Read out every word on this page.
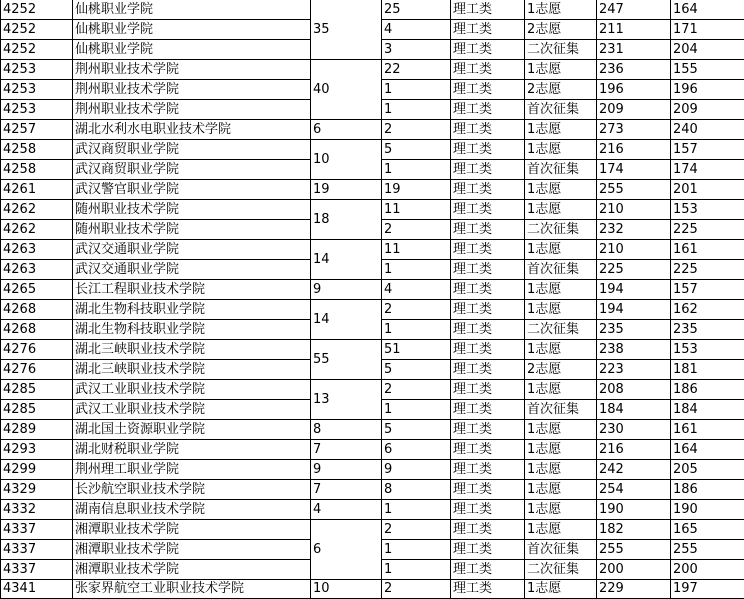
4252	仙桃职业学院	35	25	理工类	1志愿	247	164
4252	仙桃职业学院		4	理工类	2志愿	211	171
4252	仙桃职业学院		3	理工类	二次征集	231	204
4253	荆州职业技术学院	40	22	理工类	1志愿	236	155
4253	荆州职业技术学院		1	理工类	2志愿	196	196
4253	荆州职业技术学院		1	理工类	首次征集	209	209
4257	湖北水利水电职业技术学院	6	2	理工类	1志愿	273	240
4258	武汉商贸职业学院	10	5	理工类	1志愿	216	157
4258	武汉商贸职业学院		1	理工类	首次征集	174	174
4261	武汉警官职业学院	19	19	理工类	1志愿	255	201
4262	随州职业技术学院	18	11	理工类	1志愿	210	153
4262	随州职业技术学院		2	理工类	二次征集	232	225
4263	武汉交通职业学院	14	11	理工类	1志愿	210	161
4263	武汉交通职业学院		1	理工类	首次征集	225	225
4265	长江工程职业技术学院	9	4	理工类	1志愿	194	157
4268	湖北生物科技职业学院	14	2	理工类	1志愿	194	162
4268	湖北生物科技职业学院		1	理工类	二次征集	235	235
4276	湖北三峡职业技术学院	55	51	理工类	1志愿	238	153
4276	湖北三峡职业技术学院		5	理工类	2志愿	223	181
4285	武汉工业职业技术学院	13	2	理工类	1志愿	208	186
4285	武汉工业职业技术学院		1	理工类	首次征集	184	184
4289	湖北国土资源职业学院	8	5	理工类	1志愿	230	161
4293	湖北财税职业学院	7	6	理工类	1志愿	216	164
4299	荆州理工职业学院	9	9	理工类	1志愿	242	205
4329	长沙航空职业技术学院	7	8	理工类	1志愿	254	186
4332	湖南信息职业技术学院	4	1	理工类	1志愿	190	190
4337	湘潭职业技术学院	6	2	理工类	1志愿	182	165
4337	湘潭职业技术学院		1	理工类	首次征集	255	255
4337	湘潭职业技术学院		1	理工类	二次征集	200	200
4341	张家界航空工业职业技术学院	10	2	理工类	1志愿	229	197
